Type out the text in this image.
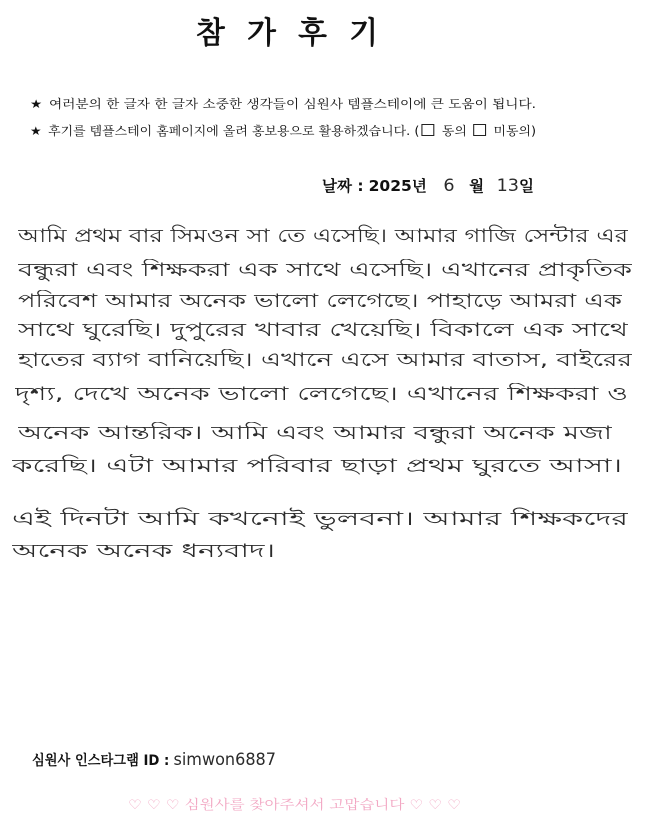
참 가 후 기
★ 여러분의 한 글자 한 글자 소중한 생각들이 심원사 템플스테이에 큰 도움이 됩니다.
★ 후기를 템플스테이 홈페이지에 올려 홍보용으로 활용하겠습니다. ( 동의 미동의)
날짜 : 2025년 6 월 13일
আমি প্রথম বার সিমওন সা তে এসেছি। আমার গাজি সেন্টার এর
বন্ধুরা এবং শিক্ষকরা এক সাথে এসেছি। এখানের প্রাকৃতিক
পরিবেশ আমার অনেক ভালো লেগেছে। পাহাড়ে আমরা এক
সাথে ঘুরেছি। দুপুরের খাবার খেয়েছি। বিকালে এক সাথে
হাতের ব্যাগ বানিয়েছি। এখানে এসে আমার বাতাস, বাইরের
দৃশ্য, দেখে অনেক ভালো লেগেছে। এখানের শিক্ষকরা ও
অনেক আন্তরিক। আমি এবং আমার বন্ধুরা অনেক মজা
করেছি। এটা আমার পরিবার ছাড়া প্রথম ঘুরতে আসা।
এই দিনটা আমি কখনোই ভুলবনা। আমার শিক্ষকদের
অনেক অনেক ধন্যবাদ।
심원사 인스타그램 ID : simwon6887
♡ ♡ ♡ 심원사를 찾아주셔서 고맙습니다 ♡ ♡ ♡
